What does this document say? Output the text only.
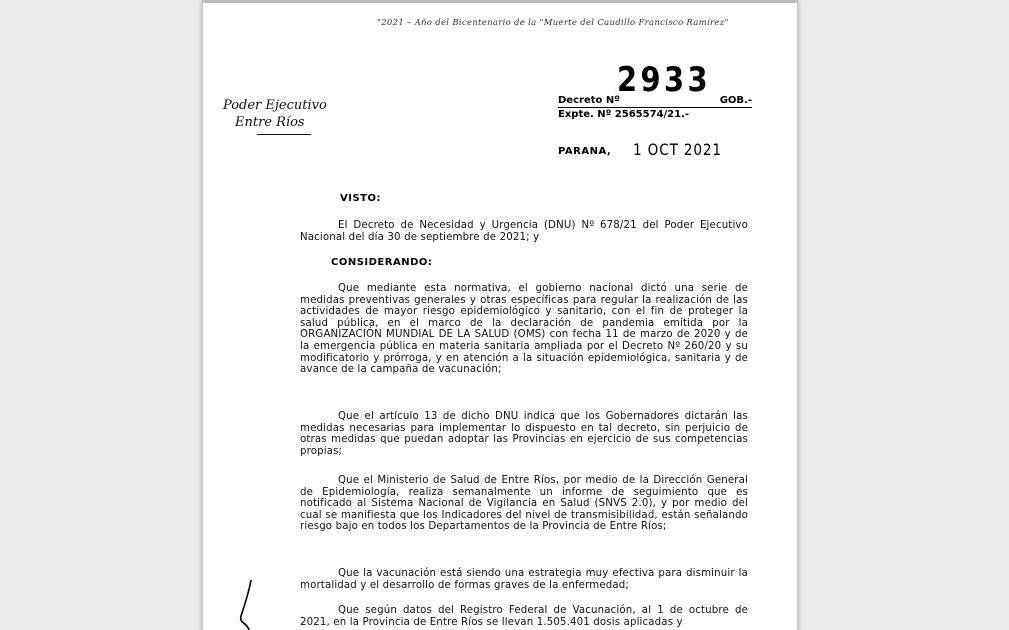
"2021 – Año del Bicentenario de la "Muerte del Caudillo Francisco Ramírez"
Poder Ejecutivo
Entre Ríos
2933
Decreto Nº	GOB.-
Expte. Nº 2565574/21.-
PARANA, 1 OCT 2021
VISTO:
El Decreto de Necesidad y Urgencia (DNU) Nº 678/21 del Poder Ejecutivo Nacional del día 30 de septiembre de 2021; y
CONSIDERANDO:
Que mediante esta normativa, el gobierno nacional dictó una serie de medidas preventivas generales y otras específicas para regular la realización de las actividades de mayor riesgo epidemiológico y sanitario, con el fin de proteger la salud pública, en el marco de la declaración de pandemia emitida por la ORGANIZACIÓN MUNDIAL DE LA SALUD (OMS) con fecha 11 de marzo de 2020 y de la emergencia pública en materia sanitaria ampliada por el Decreto Nº 260/20 y su modificatorio y prórroga, y en atención a la situación epidemiológica, sanitaria y de avance de la campaña de vacunación;
Que el artículo 13 de dicho DNU indica que los Gobernadores dictarán las medidas necesarias para implementar lo dispuesto en tal decreto, sin perjuicio de otras medidas que puedan adoptar las Provincias en ejercicio de sus competencias propias;
Que el Ministerio de Salud de Entre Ríos, por medio de la Dirección General de Epidemiología, realiza semanalmente un informe de seguimiento que es notificado al Sistema Nacional de Vigilancia en Salud (SNVS 2.0), y por medio del cual se manifiesta que los Indicadores del nivel de transmisibilidad, están señalando riesgo bajo en todos los Departamentos de la Provincia de Entre Ríos;
Que la vacunación está siendo una estrategia muy efectiva para disminuir la mortalidad y el desarrollo de formas graves de la enfermedad;
Que según datos del Registro Federal de Vacunación, al 1 de octubre de 2021, en la Provincia de Entre Ríos se llevan 1.505.401 dosis aplicadas y
